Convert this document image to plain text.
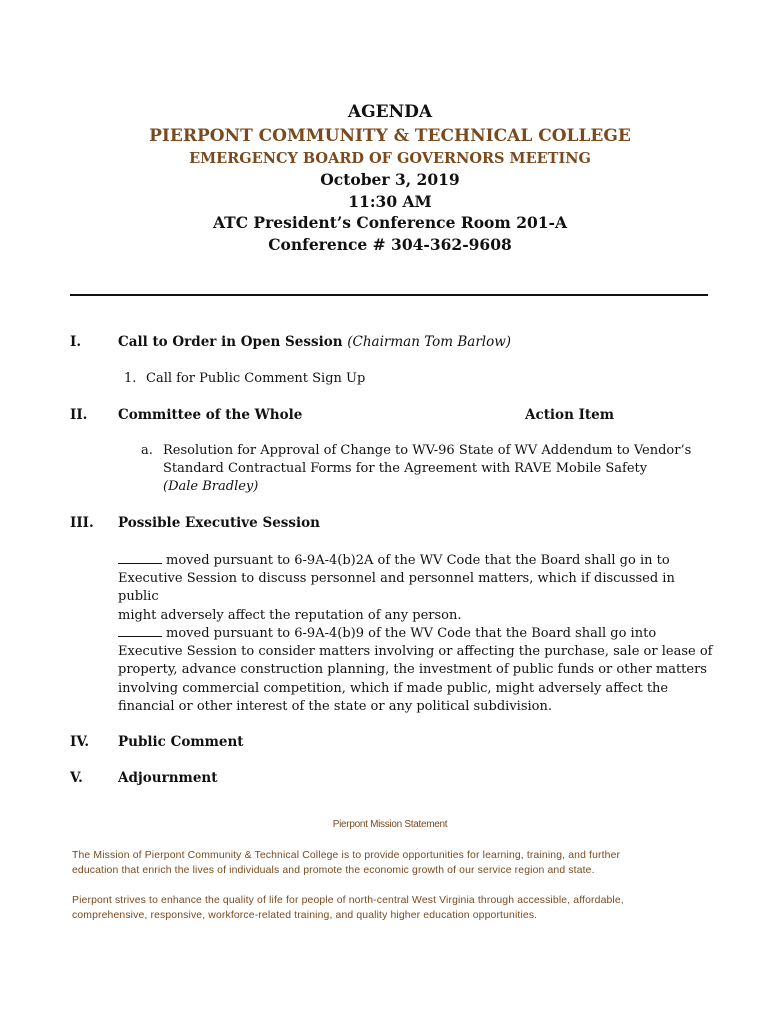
AGENDA
PIERPONT COMMUNITY & TECHNICAL COLLEGE
EMERGENCY BOARD OF GOVERNORS MEETING
October 3, 2019
11:30 AM
ATC President’s Conference Room 201-A
Conference # 304-362-9608
I.	Call to Order in Open Session (Chairman Tom Barlow)
1. Call for Public Comment Sign Up
II. Committee of the Whole	Action Item
a. Resolution for Approval of Change to WV-96 State of WV Addendum to Vendor’s
Standard Contractual Forms for the Agreement with RAVE Mobile Safety
(Dale Bradley)
III. Possible Executive Session
moved pursuant to 6-9A-4(b)2A of the WV Code that the Board shall go in to
Executive Session to discuss personnel and personnel matters, which if discussed in public
might adversely affect the reputation of any person.
moved pursuant to 6-9A-4(b)9 of the WV Code that the Board shall go into
Executive Session to consider matters involving or affecting the purchase, sale or lease of
property, advance construction planning, the investment of public funds or other matters
involving commercial competition, which if made public, might adversely affect the
financial or other interest of the state or any political subdivision.
IV. Public Comment
V.	Adjournment
Pierpont Mission Statement
The Mission of Pierpont Community & Technical College is to provide opportunities for learning, training, and further
education that enrich the lives of individuals and promote the economic growth of our service region and state.
Pierpont strives to enhance the quality of life for people of north-central West Virginia through accessible, affordable,
comprehensive, responsive, workforce-related training, and quality higher education opportunities.
